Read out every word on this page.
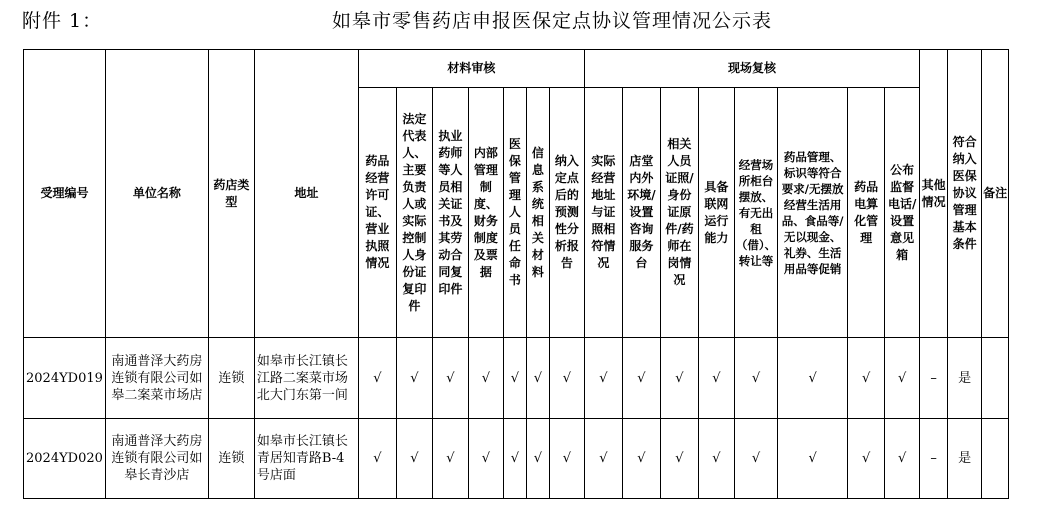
附件 1：	如皋市零售药店申报医保定点协议管理情况公示表
受理编号	单位名称	药店类型	地址	材料审核							现场复核								其他情况	符合纳入医保协议管理基本条件	备注
				药品经营许可证、营业执照情况	法定代表人、主要负责人或实际控制人身份证复印件	执业药师等人员相关证书及其劳动合同复印件	内部管理制度、财务制度及票据	医保管理人员任命书	信息系统相关材料	纳入定点后的预测性分析报告	实际经营地址与证照相符情况	店堂内外环境/设置咨询服务台	相关人员证照/身份证原件/药师在岗情况	具备联网运行能力	经营场所柜台摆放、有无出租（借）、转让等	药品管理、标识等符合要求/无摆放经营生活用品、食品等/无以现金、礼券、生活用品等促销	药品电算化管理	公布监督电话/设置意见箱			
2024YD019	南通普泽大药房连锁有限公司如皋二案菜市场店	连锁	如皋市长江镇长江路二案菜市场北大门东第一间	√	√	√	√	√	√	√	√	√	√	√	√	√	√	√	–	是	
2024YD020	南通普泽大药房连锁有限公司如皋长青沙店	连锁	如皋市长江镇长青居知青路B-4 号店面	√	√	√	√	√	√	√	√	√	√	√	√	√	√	√	–	是	
